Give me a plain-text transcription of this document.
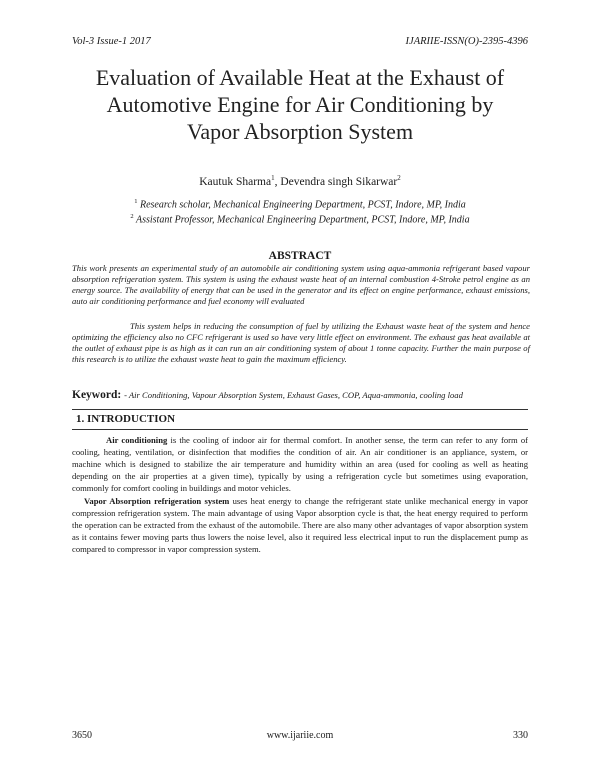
Vol-3 Issue-1 2017	IJARIIE-ISSN(O)-2395-4396
Evaluation of Available Heat at the Exhaust of
Automotive Engine for Air Conditioning by
Vapor Absorption System
Kautuk Sharma$^1$, Devendra singh Sikarwar$^2$
$^1$ Research scholar, Mechanical Engineering Department, PCST, Indore, MP, India
$^2$ Assistant Professor, Mechanical Engineering Department, PCST, Indore, MP, India
ABSTRACT
This work presents an experimental study of an automobile air conditioning system using aqua-ammonia refrigerant based vapour absorption refrigeration system. This system is using the exhaust waste heat of an internal combustion 4-Stroke petrol engine as an energy source. The availability of energy that can be used in the generator and its effect on engine performance, exhaust emissions, auto air conditioning performance and fuel economy will evaluated
This system helps in reducing the consumption of fuel by utilizing the Exhaust waste heat of the system and hence optimizing the efficiency also no CFC refrigerant is used so have very little effect on environment. The exhaust gas heat available at the outlet of exhaust pipe is as high as it can run an air conditioning system of about 1 tonne capacity. Further the main purpose of this research is to utilize the exhaust waste heat to gain the maximum efficiency.
Keyword: - Air Conditioning, Vapour Absorption System, Exhaust Gases, COP, Aqua-ammonia, cooling load
1. INTRODUCTION
Air conditioning is the cooling of indoor air for thermal comfort. In another sense, the term can refer to any form of cooling, heating, ventilation, or disinfection that modifies the condition of air. An air conditioner is an appliance, system, or machine which is designed to stabilize the air temperature and humidity within an area (used for cooling as well as heating depending on the air properties at a given time), typically by using a refrigeration cycle but sometimes using evaporation, commonly for comfort cooling in buildings and motor vehicles.
Vapor Absorption refrigeration system uses heat energy to change the refrigerant state unlike mechanical energy in vapor compression refrigeration system. The main advantage of using Vapor absorption cycle is that, the heat energy required to perform the operation can be extracted from the exhaust of the automobile. There are also many other advantages of vapor absorption system as it contains fewer moving parts thus lowers the noise level, also it required less electrical input to run the displacement pump as compared to compressor in vapor compression system.
3650	www.ijariie.com	330
